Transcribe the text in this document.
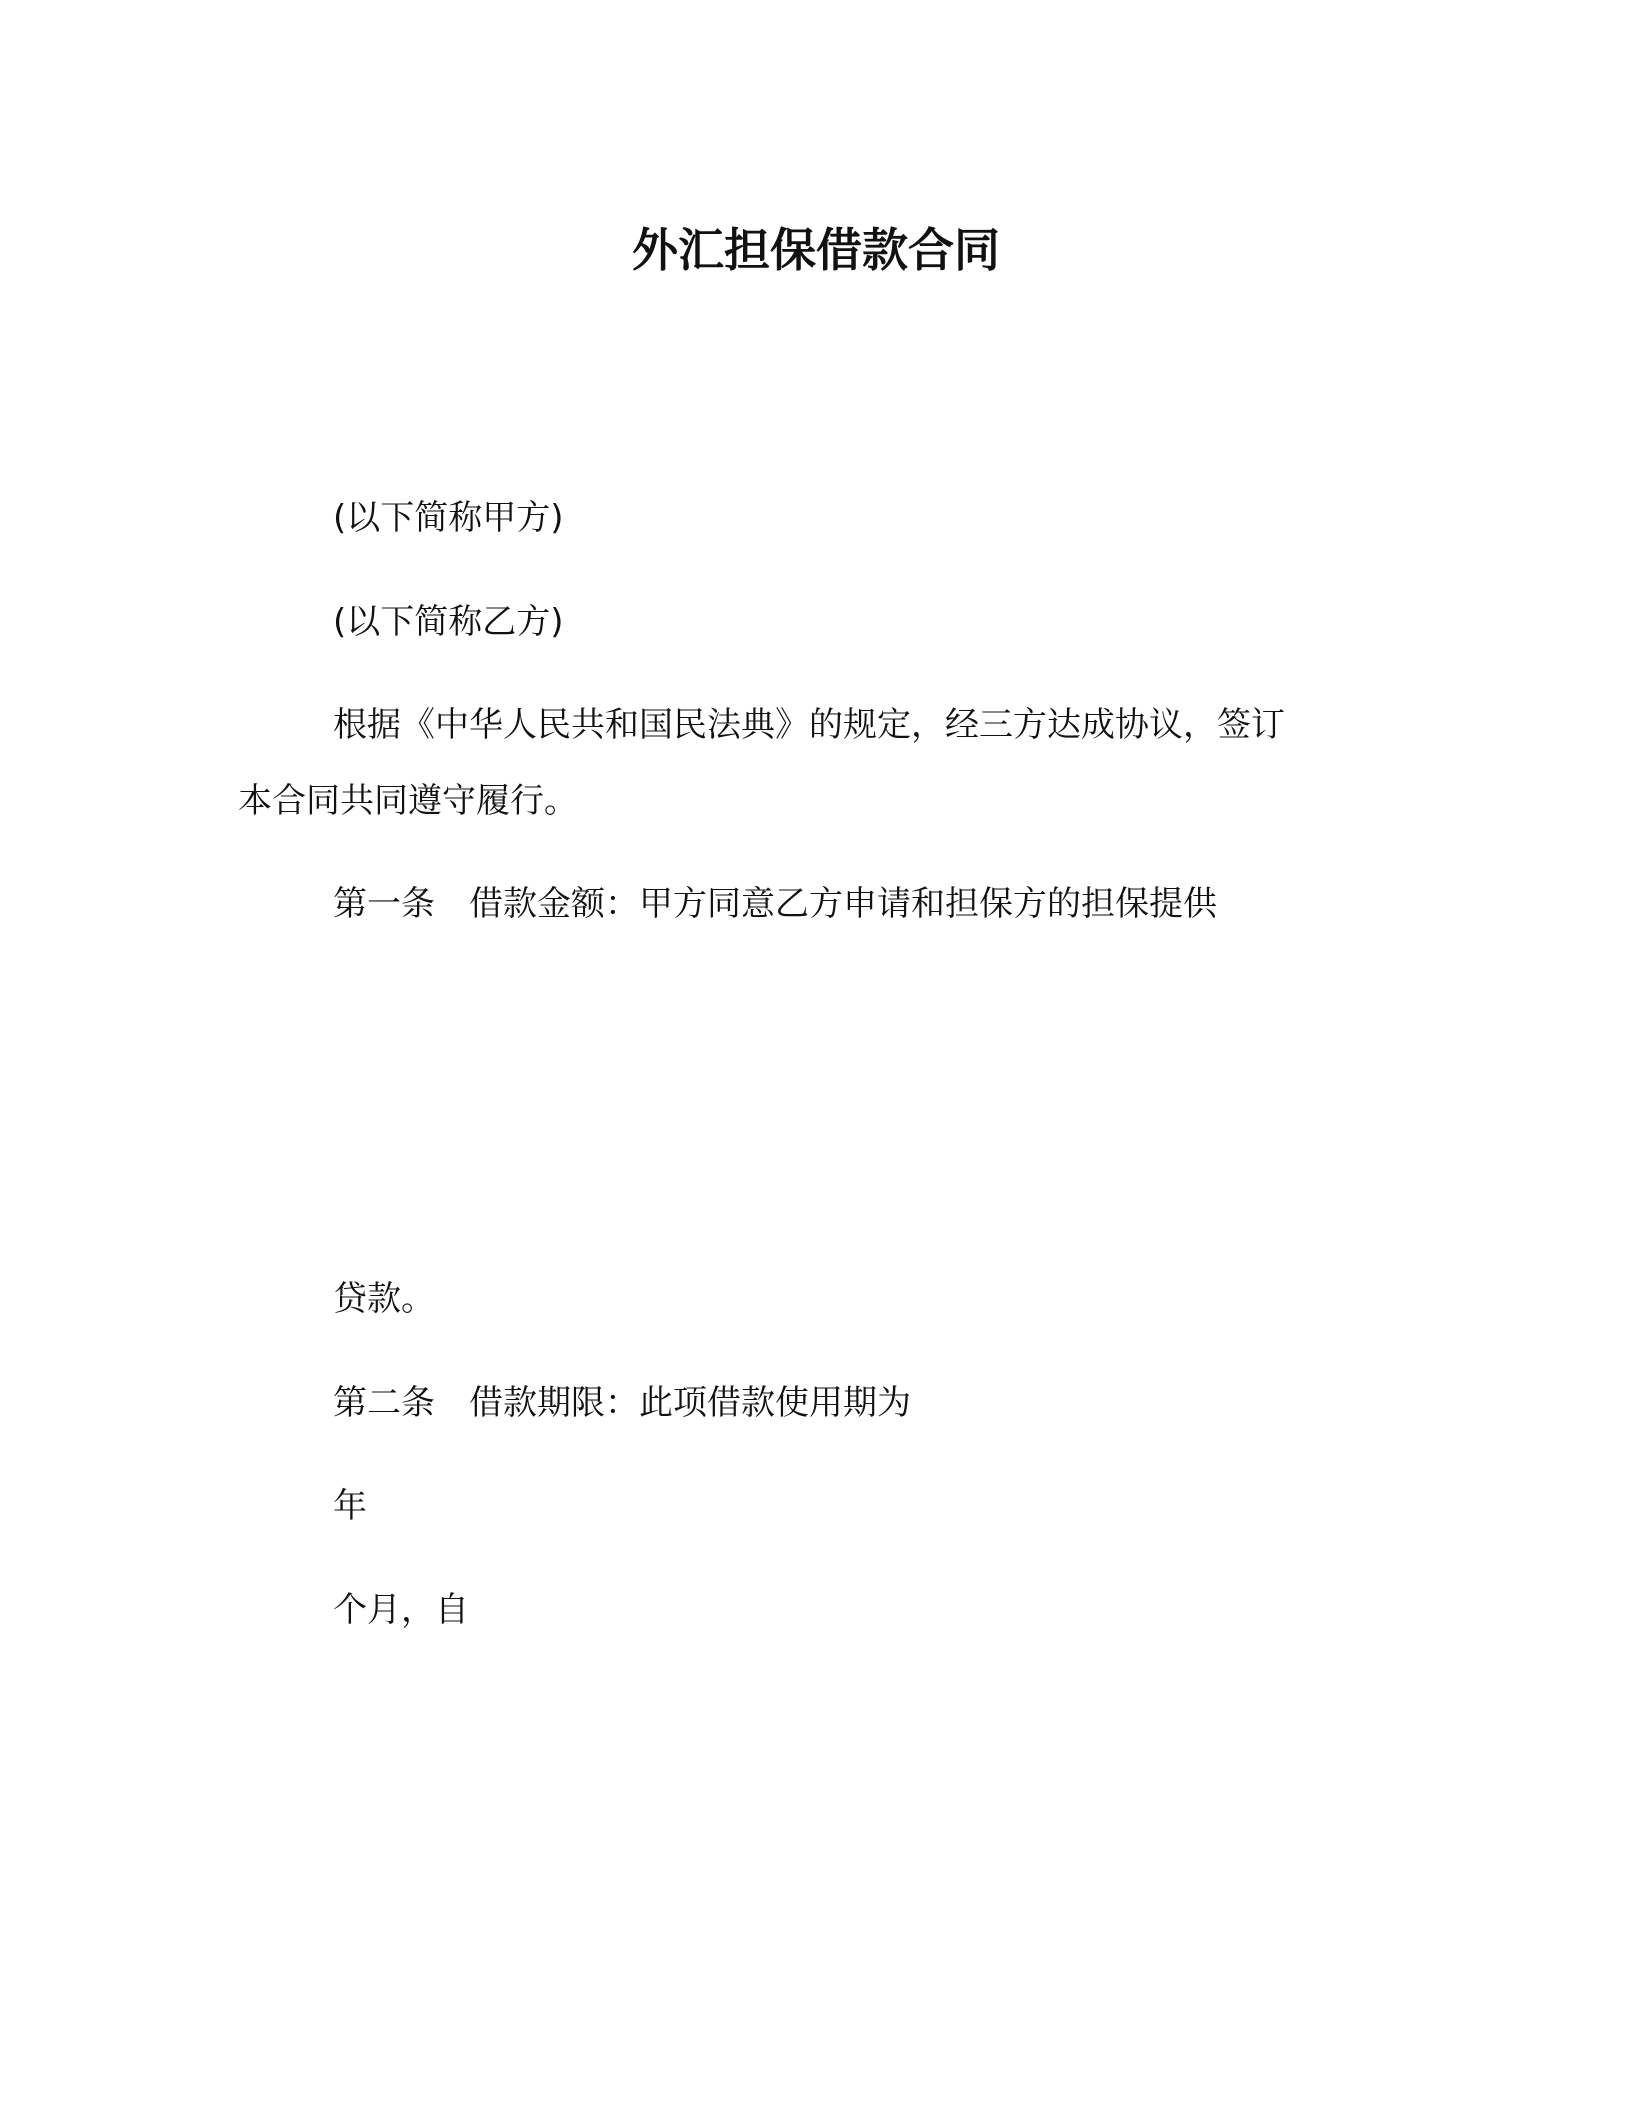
外汇担保借款合同
(以下简称甲方)
(以下简称乙方)
根据《中华人民共和国民法典》的规定，经三方达成协议，签订
本合同共同遵守履行。
第一条　借款金额：甲方同意乙方申请和担保方的担保提供
贷款。
第二条　借款期限：此项借款使用期为
年
个月，自
